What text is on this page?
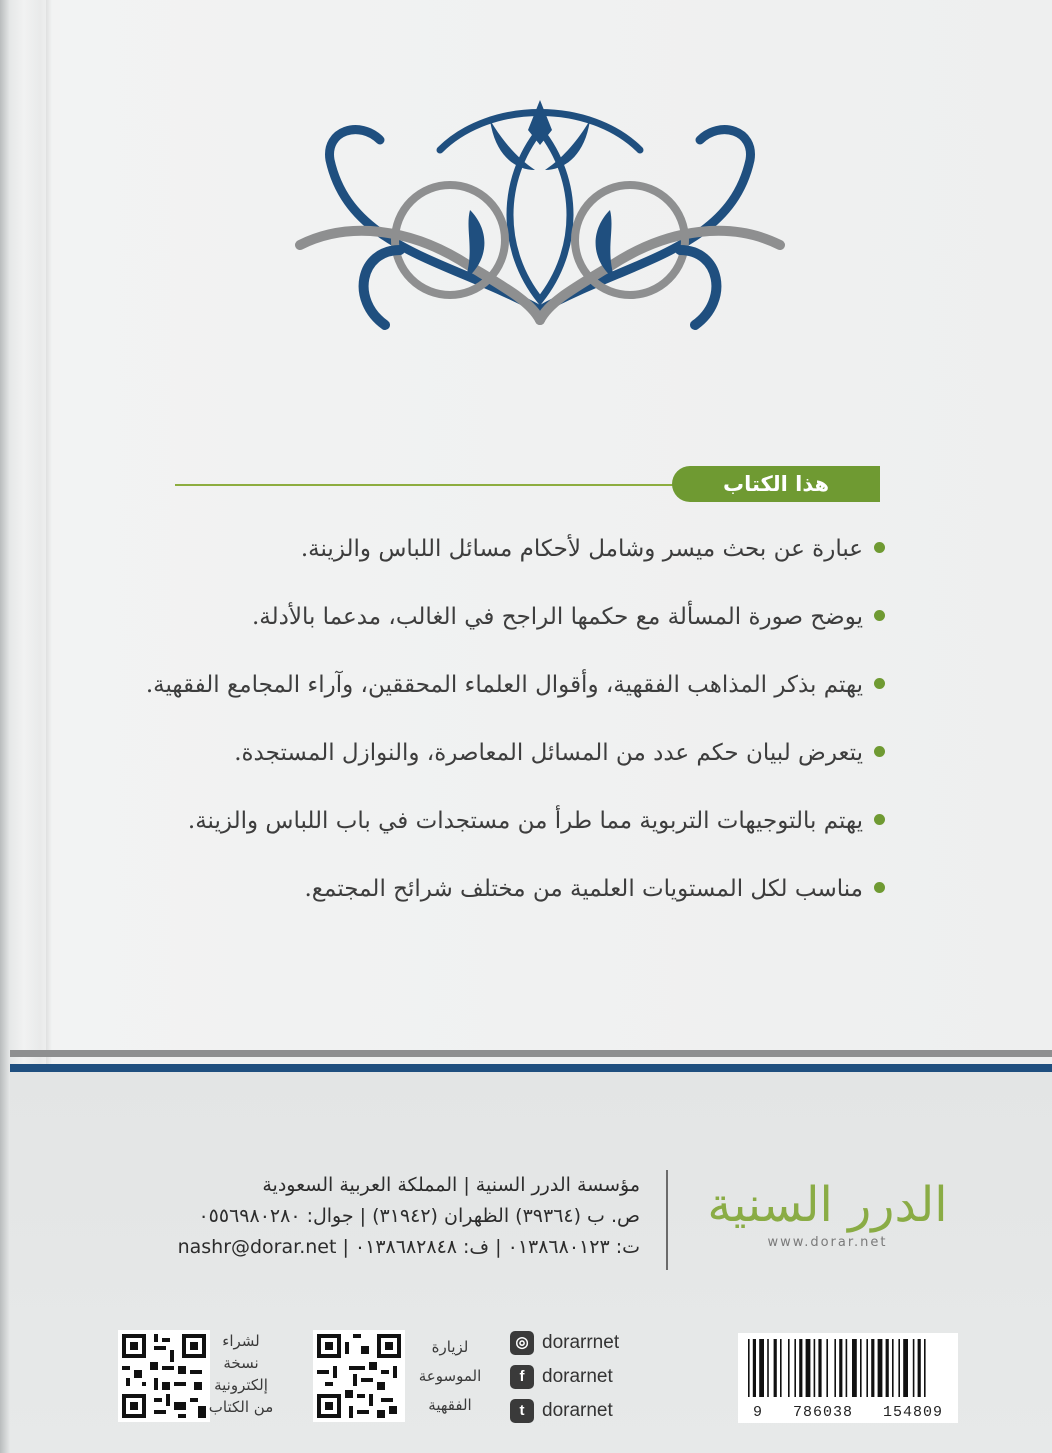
هذا الكتاب
عبارة عن بحث ميسر وشامل لأحكام مسائل اللباس والزينة.
يوضح صورة المسألة مع حكمها الراجح في الغالب، مدعما بالأدلة.
يهتم بذكر المذاهب الفقهية، وأقوال العلماء المحققين، وآراء المجامع الفقهية.
يتعرض لبيان حكم عدد من المسائل المعاصرة، والنوازل المستجدة.
يهتم بالتوجيهات التربوية مما طرأ من مستجدات في باب اللباس والزينة.
مناسب لكل المستويات العلمية من مختلف شرائح المجتمع.
مؤسسة الدرر السنية | المملكة العربية السعودية
ص. ب (٣٩٣٦٤) الظهران (٣١٩٤٢) | جوال: ٠٥٥٦٩٨٠٢٨٠
ت: ٠١٣٨٦٨٠١٢٣ | ف: ٠١٣٨٦٨٢٨٤٨ | nashr@dorar.net
الدرر السنية
www.dorar.net
لشراء
نسخة
إلكترونية
من الكتاب
لزيارة
الموسوعة
الفقهية
◎ dorarrnet
f dorarnet
t dorarnet	9   786038   154809
